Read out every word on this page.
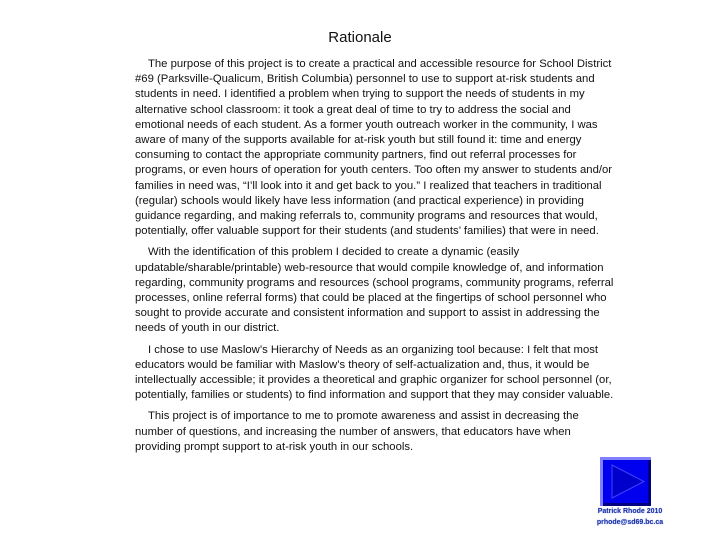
Rationale

The purpose of this project is to create a practical and accessible resource for School District #69 (Parksville-Qualicum, British Columbia) personnel to use to support at-risk students and students in need. I identified a problem when trying to support the needs of students in my alternative school classroom: it took a great deal of time to try to address the social and emotional needs of each student. As a former youth outreach worker in the community, I was aware of many of the supports available for at-risk youth but still found it: time and energy consuming to contact the appropriate community partners, find out referral processes for programs, or even hours of operation for youth centers. Too often my answer to students and/or families in need was, “I’ll look into it and get back to you.” I realized that teachers in traditional (regular) schools would likely have less information (and practical experience) in providing guidance regarding, and making referrals to, community programs and resources that would, potentially, offer valuable support for their students (and students’ families) that were in need.

With the identification of this problem I decided to create a dynamic (easily updatable/sharable/printable) web-resource that would compile knowledge of, and information regarding, community programs and resources (school programs, community programs, referral processes, online referral forms) that could be placed at the fingertips of school personnel who sought to provide accurate and consistent information and support to assist in addressing the needs of youth in our district.

I chose to use Maslow’s Hierarchy of Needs as an organizing tool because: I felt that most educators would be familiar with Maslow’s theory of self-actualization and, thus, it would be intellectually accessible; it provides a theoretical and graphic organizer for school personnel (or, potentially, families or students) to find information and support that they may consider valuable.

This project is of importance to me to promote awareness and assist in decreasing the number of questions, and increasing the number of answers, that educators have when providing prompt support to at-risk youth in our schools.

Patrick Rhode 2010
prhode@sd69.bc.ca
